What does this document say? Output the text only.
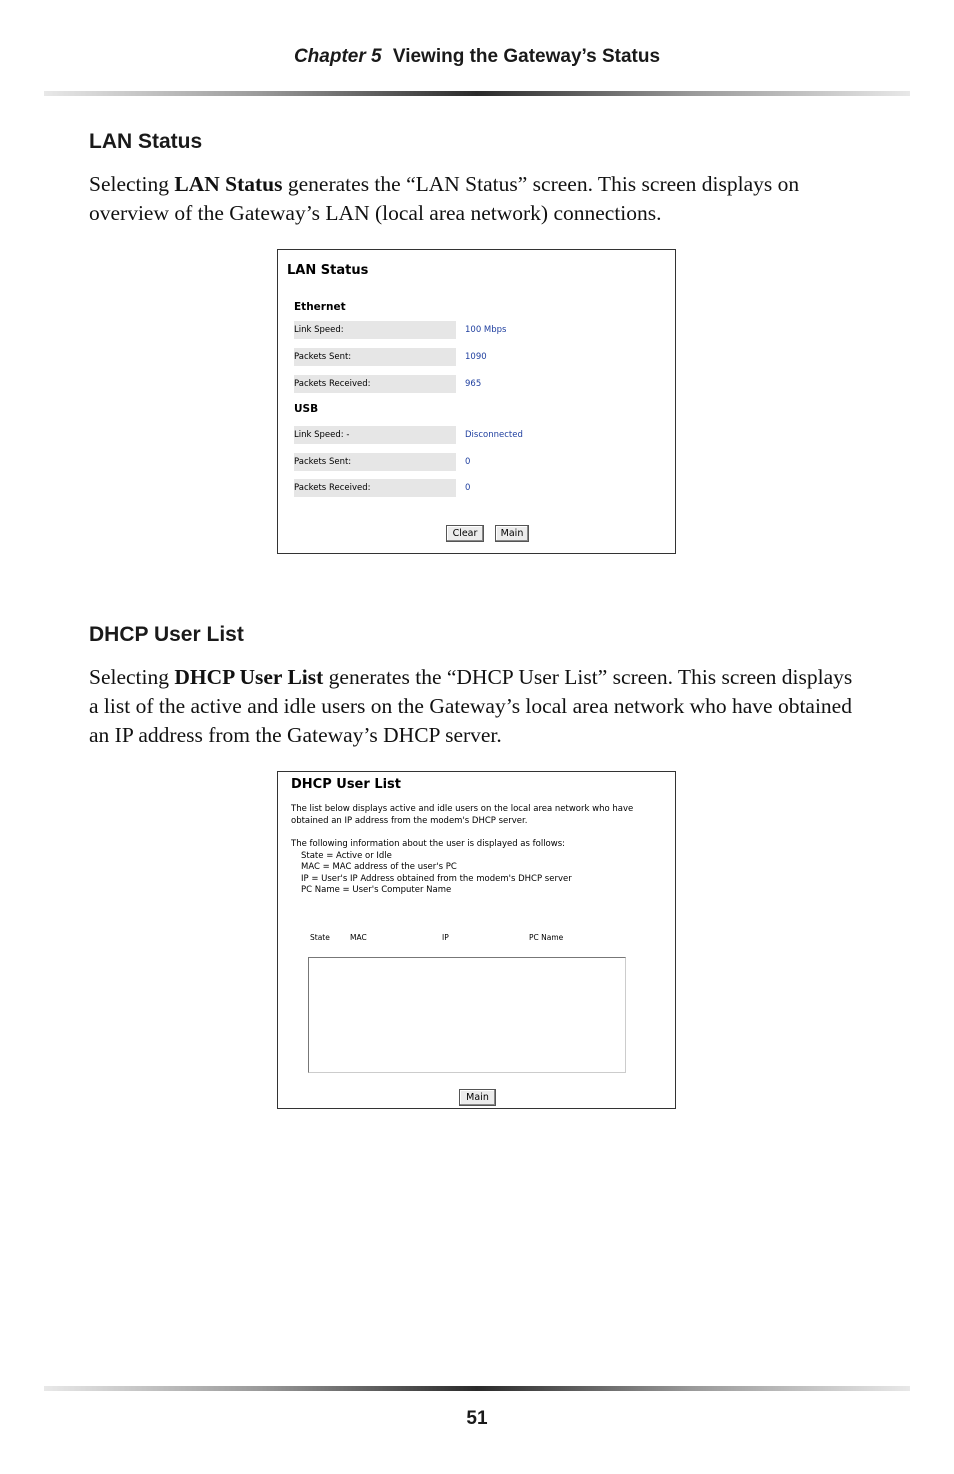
Chapter 5 Viewing the Gateway’s Status
LAN Status
Selecting LAN Status generates the “LAN Status” screen. This screen displays on overview of the Gateway’s LAN (local area network) connections.
LAN Status
Ethernet
Link Speed:	100 Mbps
Packets Sent:	1090
Packets Received:	965
USB
Link Speed: -	Disconnected
Packets Sent:	0
Packets Received:	0
Clear	Main
DHCP User List
Selecting DHCP User List generates the “DHCP User List” screen. This screen displays a list of the active and idle users on the Gateway’s local area network who have obtained an IP address from the Gateway’s DHCP server.
DHCP User List
The list below displays active and idle users on the local area network who have obtained an IP address from the modem's DHCP server.
The following information about the user is displayed as follows:
State = Active or Idle
MAC = MAC address of the user's PC
IP = User's IP Address obtained from the modem's DHCP server
PC Name = User's Computer Name
State	MAC	IP	PC Name
Main
51
